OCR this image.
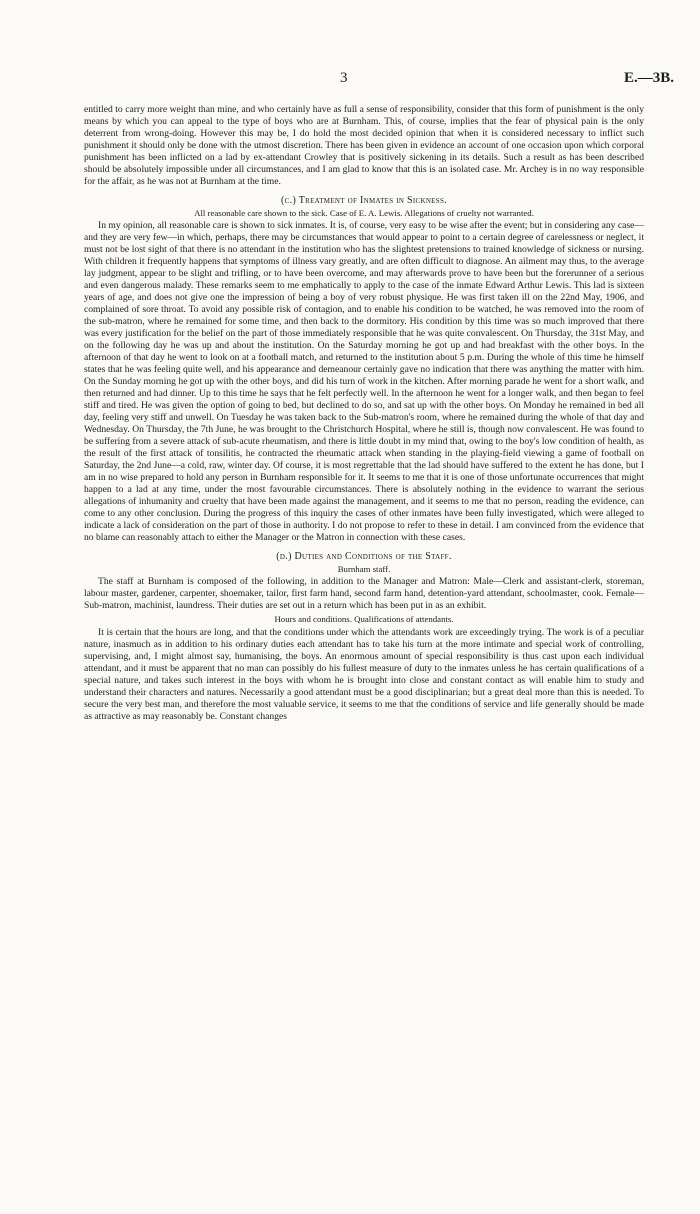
3	E.—3B.

entitled to carry more weight than mine, and who certainly have as full a sense of responsibility, consider that this form of punishment is the only means by which you can appeal to the type of boys who are at Burnham. This, of course, implies that the fear of physical pain is the only deterrent from wrong-doing. However this may be, I do hold the most decided opinion that when it is considered necessary to inflict such punishment it should only be done with the utmost discretion. There has been given in evidence an account of one occasion upon which corporal punishment has been inflicted on a lad by ex-attendant Crowley that is positively sickening in its details. Such a result as has been described should be absolutely impossible under all circumstances, and I am glad to know that this is an isolated case. Mr. Archey is in no way responsible for the affair, as he was not at Burnham at the time.

(c.) Treatment of Inmates in Sickness.
All reasonable care shown to the sick. Case of E. A. Lewis. Allegations of cruelty not warranted.

In my opinion, all reasonable care is shown to sick inmates. It is, of course, very easy to be wise after the event; but in considering any case—and they are very few—in which, perhaps, there may be circumstances that would appear to point to a certain degree of carelessness or neglect, it must not be lost sight of that there is no attendant in the institution who has the slightest pretensions to trained knowledge of sickness or nursing. With children it frequently happens that symptoms of illness vary greatly, and are often difficult to diagnose. An ailment may thus, to the average lay judgment, appear to be slight and trifling, or to have been overcome, and may afterwards prove to have been but the forerunner of a serious and even dangerous malady. These remarks seem to me emphatically to apply to the case of the inmate Edward Arthur Lewis. This lad is sixteen years of age, and does not give one the impression of being a boy of very robust physique. He was first taken ill on the 22nd May, 1906, and complained of sore throat. To avoid any possible risk of contagion, and to enable his condition to be watched, he was removed into the room of the sub-matron, where he remained for some time, and then back to the dormitory. His condition by this time was so much improved that there was every justification for the belief on the part of those immediately responsible that he was quite convalescent. On Thursday, the 31st May, and on the following day he was up and about the institution. On the Saturday morning he got up and had breakfast with the other boys. In the afternoon of that day he went to look on at a football match, and returned to the institution about 5 p.m. During the whole of this time he himself states that he was feeling quite well, and his appearance and demeanour certainly gave no indication that there was anything the matter with him. On the Sunday morning he got up with the other boys, and did his turn of work in the kitchen. After morning parade he went for a short walk, and then returned and had dinner. Up to this time he says that he felt perfectly well. In the afternoon he went for a longer walk, and then began to feel stiff and tired. He was given the option of going to bed, but declined to do so, and sat up with the other boys. On Monday he remained in bed all day, feeling very stiff and unwell. On Tuesday he was taken back to the Sub-matron's room, where he remained during the whole of that day and Wednesday. On Thursday, the 7th June, he was brought to the Christchurch Hospital, where he still is, though now convalescent. He was found to be suffering from a severe attack of sub-acute rheumatism, and there is little doubt in my mind that, owing to the boy's low condition of health, as the result of the first attack of tonsilitis, he contracted the rheumatic attack when standing in the playing-field viewing a game of football on Saturday, the 2nd June—a cold, raw, winter day. Of course, it is most regrettable that the lad should have suffered to the extent he has done, but I am in no wise prepared to hold any person in Burnham responsible for it. It seems to me that it is one of those unfortunate occurrences that might happen to a lad at any time, under the most favourable circumstances. There is absolutely nothing in the evidence to warrant the serious allegations of inhumanity and cruelty that have been made against the management, and it seems to me that no person, reading the evidence, can come to any other conclusion. During the progress of this inquiry the cases of other inmates have been fully investigated, which were alleged to indicate a lack of consideration on the part of those in authority. I do not propose to refer to these in detail. I am convinced from the evidence that no blame can reasonably attach to either the Manager or the Matron in connection with these cases.

(d.) Duties and Conditions of the Staff.
Burnham staff.

The staff at Burnham is composed of the following, in addition to the Manager and Matron: Male—Clerk and assistant-clerk, storeman, labour master, gardener, carpenter, shoemaker, tailor, first farm hand, second farm hand, detention-yard attendant, schoolmaster, cook. Female—Sub-matron, machinist, laundress. Their duties are set out in a return which has been put in as an exhibit.

Hours and conditions. Qualifications of attendants.

It is certain that the hours are long, and that the conditions under which the attendants work are exceedingly trying. The work is of a peculiar nature, inasmuch as in addition to his ordinary duties each attendant has to take his turn at the more intimate and special work of controlling, supervising, and, I might almost say, humanising, the boys. An enormous amount of special responsibility is thus cast upon each individual attendant, and it must be apparent that no man can possibly do his fullest measure of duty to the inmates unless he has certain qualifications of a special nature, and takes such interest in the boys with whom he is brought into close and constant contact as will enable him to study and understand their characters and natures. Necessarily a good attendant must be a good disciplinarian; but a great deal more than this is needed. To secure the very best man, and therefore the most valuable service, it seems to me that the conditions of service and life generally should be made as attractive as may reasonably be. Constant changes
